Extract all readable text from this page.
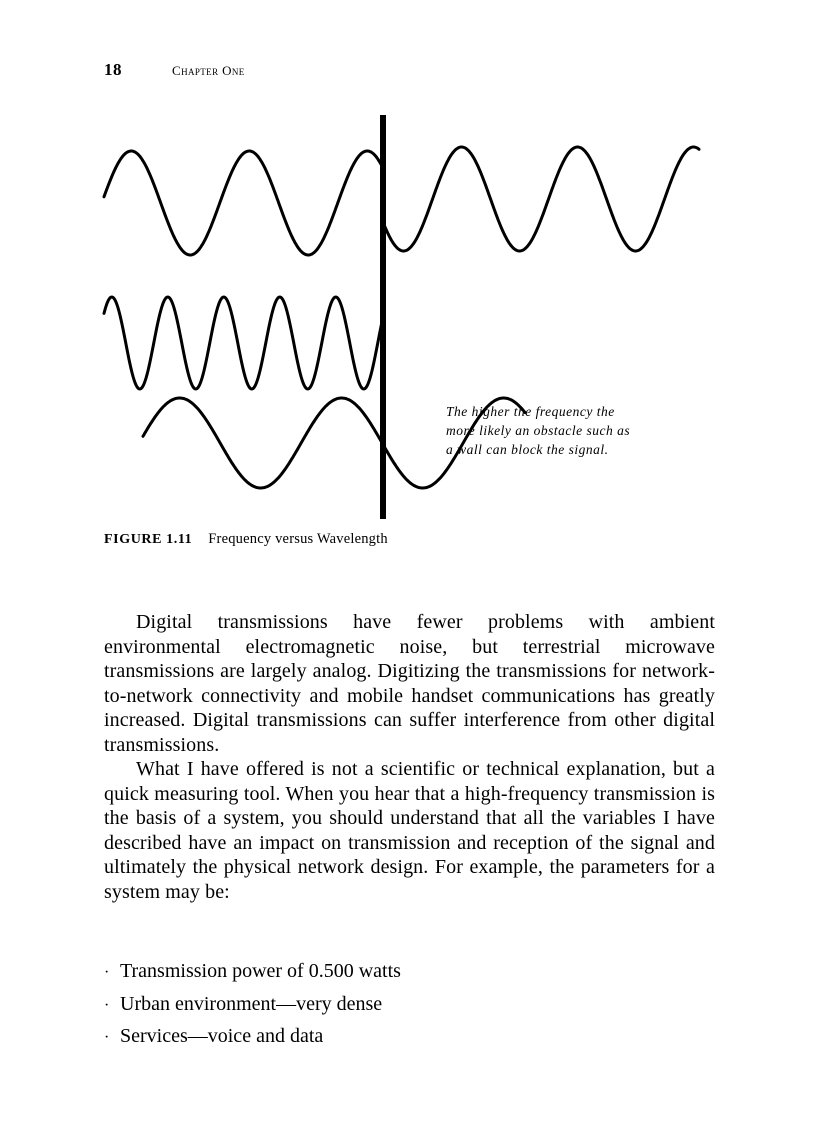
18	Chapter One
The higher the frequency the
more likely an obstacle such as
a wall can block the signal.
FIGURE 1.11 Frequency versus Wavelength

Digital transmissions have fewer problems with ambient environmental electromagnetic noise, but terrestrial microwave transmissions are largely analog. Digitizing the transmissions for network-to-network connectivity and mobile handset communications has greatly increased. Digital transmissions can suffer interference from other digital transmissions.

What I have offered is not a scientific or technical explanation, but a quick measuring tool. When you hear that a high-frequency transmission is the basis of a system, you should understand that all the variables I have described have an impact on transmission and reception of the signal and ultimately the physical network design. For example, the parameters for a system may be:

· Transmission power of 0.500 watts
· Urban environment—very dense
· Services—voice and data
